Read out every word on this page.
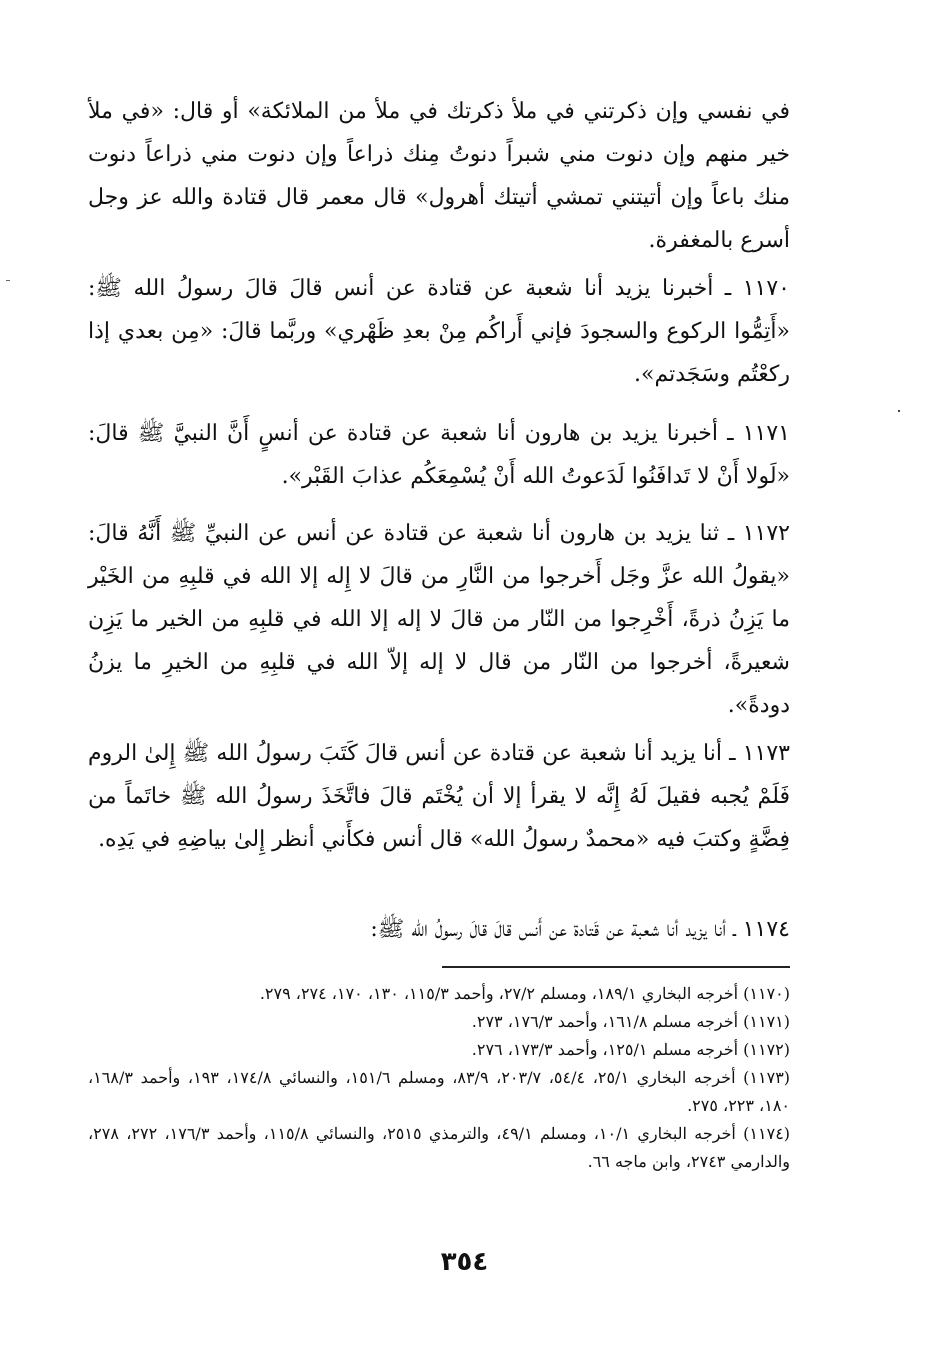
في نفسي وإن ذكرتني في ملأ ذكرتك في ملأ من الملائكة» أو قال: «في ملأ خير منهم وإن دنوت مني شبراً دنوتُ مِنك ذراعاً وإن دنوت مني ذراعاً دنوت منك باعاً وإن أتيتني تمشي أتيتك أهرول» قال معمر قال قتادة والله عز وجل أسرع بالمغفرة.

١١٧٠ ـ أخبرنا يزيد أنا شعبة عن قتادة عن أنس قالَ قالَ رسولُ الله ﷺ: «أَتِمُّوا الركوع والسجودَ فإني أَراكُم مِنْ بعدِ ظَهْري» وربَّما قالَ: «مِن بعدي إذا ركعْتُم وسَجَدتم».

١١٧١ ـ أخبرنا يزيد بن هارون أنا شعبة عن قتادة عن أنسٍ أَنَّ النبيَّ ﷺ قالَ: «لَولا أَنْ لا تَدافَنُوا لَدَعوتُ الله أَنْ يُسْمِعَكُم عذابَ القَبْر».

١١٧٢ ـ ثنا يزيد بن هارون أنا شعبة عن قتادة عن أنس عن النبيِّ ﷺ أَنَّهُ قالَ: «يقولُ الله عزَّ وجَل أَخرجوا من النَّارِ من قالَ لا إِله إلا الله في قلبِهِ من الخَيْر ما يَزِنُ ذرةً، أَخْرِجوا من النّار من قالَ لا إله إلا الله في قلبِهِ من الخير ما يَزِن شعيرةً، أخرجوا من النّار من قال لا إله إلاّ الله في قلبِهِ من الخيرِ ما يزنُ دودةً».

١١٧٣ ـ أنا يزيد أنا شعبة عن قتادة عن أنس قالَ كَتَبَ رسولُ الله ﷺ إِلىٰ الروم فَلَمْ يُجبه فقيلَ لَهُ إِنَّه لا يقرأ إلا أن يُخْتَم قالَ فاتَّخَذَ رسولُ الله ﷺ خاتَماً من فِضَّةٍ وكتبَ فيه «محمدٌ رسولُ الله» قال أنس فكأَني أنظر إِلىٰ بياضِهِ في يَدِه.

١١٧٤ ـ أنا يزيد أنا شعبة عن قَتادة عن أَنس قالَ قالَ رسولُ الله ﷺ:

(١١٧٠) أخرجه البخاري ١٨٩/١، ومسلم ٢٧/٢، وأحمد ١١٥/٣، ١٣٠، ١٧٠، ٢٧٤، ٢٧٩.
(١١٧١) أخرجه مسلم ١٦١/٨، وأحمد ١٧٦/٣، ٢٧٣.
(١١٧٢) أخرجه مسلم ١٢٥/١، وأحمد ١٧٣/٣، ٢٧٦.
(١١٧٣) أخرجه البخاري ٢٥/١، ٥٤/٤، ٢٠٣/٧، ٨٣/٩، ومسلم ١٥١/٦، والنسائي ١٧٤/٨، ١٩٣، وأحمد ١٦٨/٣، ١٨٠، ٢٢٣، ٢٧٥.
(١١٧٤) أخرجه البخاري ١٠/١، ومسلم ٤٩/١، والترمذي ٢٥١٥، والنسائي ١١٥/٨، وأحمد ١٧٦/٣، ٢٧٢، ٢٧٨، والدارمي ٢٧٤٣، وابن ماجه ٦٦.
٣٥٤
